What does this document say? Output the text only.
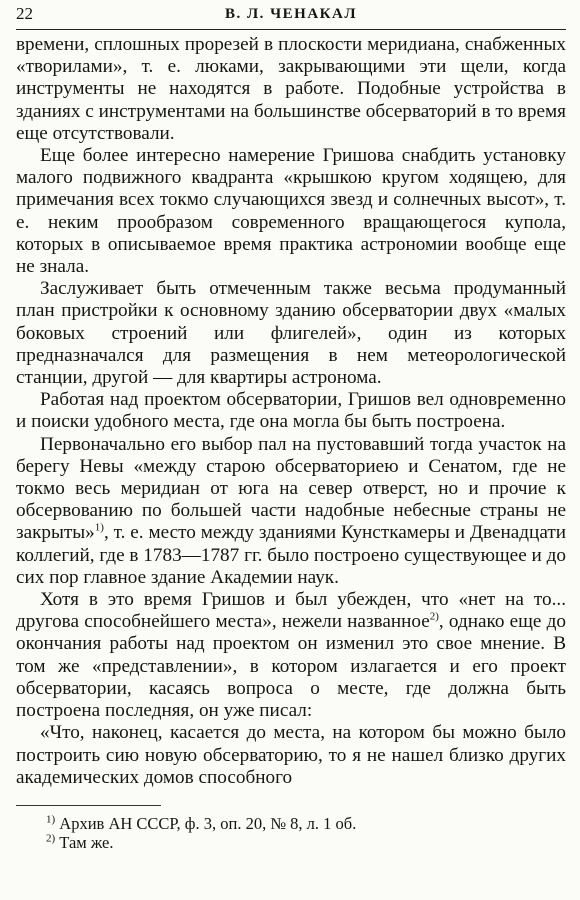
22	В. Л. ЧЕНАКАЛ

времени, сплошных прорезей в плоскости меридиана, снабженных «творилами», т. е. люками, закрывающими эти щели, когда инструменты не находятся в работе. Подобные устройства в зданиях с инструментами на большинстве обсерваторий в то время еще отсутствовали.

Еще более интересно намерение Гришова снабдить установку малого подвижного квадранта «крышкою кругом ходящею, для примечания всех токмо случающихся звезд и солнечных высот», т. е. неким прообразом современного вращающегося купола, которых в описываемое время практика астрономии вообще еще не знала.

Заслуживает быть отмеченным также весьма продуманный план пристройки к основному зданию обсерватории двух «малых боковых строений или флигелей», один из которых предназначался для размещения в нем метеорологической станции, другой — для квартиры астронома.

Работая над проектом обсерватории, Гришов вел одновременно и поиски удобного места, где она могла бы быть построена.

Первоначально его выбор пал на пустовавший тогда участок на берегу Невы «между старою обсерваториею и Сенатом, где не токмо весь меридиан от юга на север отверст, но и прочие к обсервованию по большей части надобные небесные страны не закрыты»$^{1)}$, т. е. место между зданиями Кунсткамеры и Двенадцати коллегий, где в 1783—1787 гг. было построено существующее и до сих пор главное здание Академии наук.

Хотя в это время Гришов и был убежден, что «нет на то... другова способнейшего места», нежели названное$^{2)}$, однако еще до окончания работы над проектом он изменил это свое мнение. В том же «представлении», в котором излагается и его проект обсерватории, касаясь вопроса о месте, где должна быть построена последняя, он уже писал:

«Что, наконец, касается до места, на котором бы можно было построить сию новую обсерваторию, то я не нашел близко других академических домов способного

$^{1)}$ Архив АН СССР, ф. 3, оп. 20, № 8, л. 1 об.
$^{2)}$ Там же.
